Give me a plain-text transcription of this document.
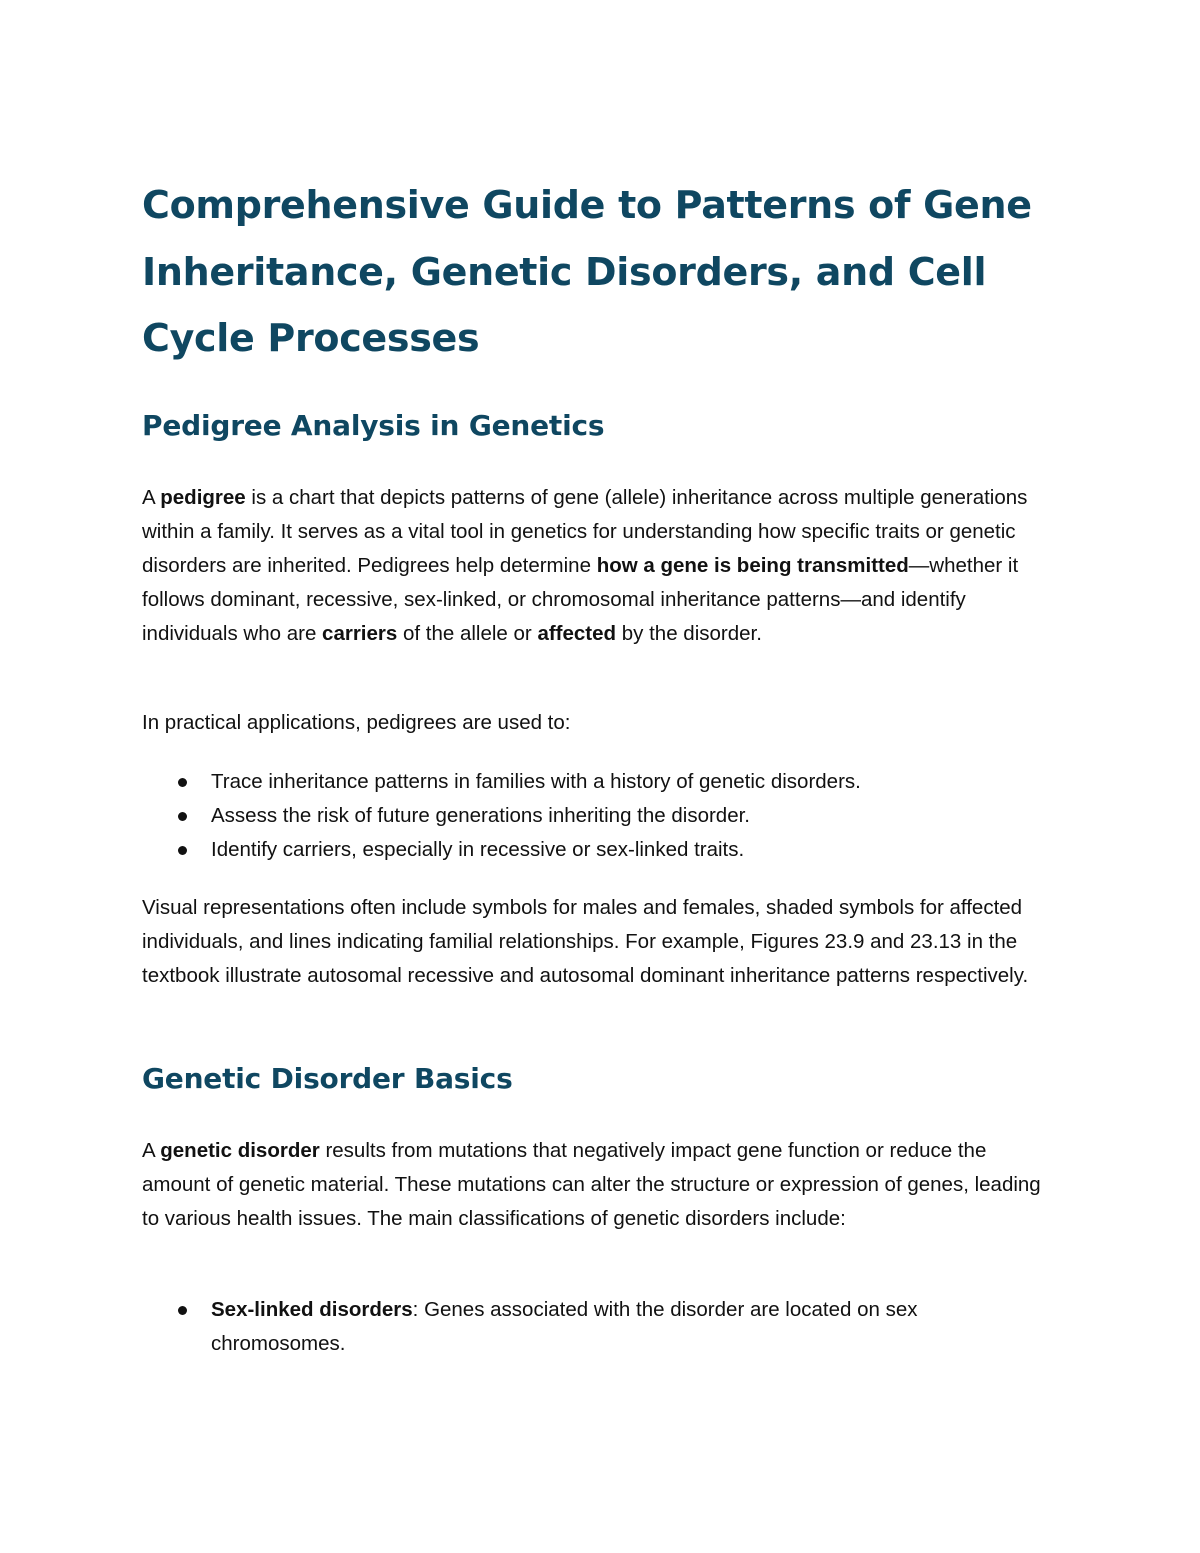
Comprehensive Guide to Patterns of Gene Inheritance, Genetic Disorders, and Cell Cycle Processes
Pedigree Analysis in Genetics

A pedigree is a chart that depicts patterns of gene (allele) inheritance across multiple generations within a family. It serves as a vital tool in genetics for understanding how specific traits or genetic disorders are inherited. Pedigrees help determine how a gene is being transmitted—whether it follows dominant, recessive, sex-linked, or chromosomal inheritance patterns—and identify individuals who are carriers of the allele or affected by the disorder.

In practical applications, pedigrees are used to:

Trace inheritance patterns in families with a history of genetic disorders.
Assess the risk of future generations inheriting the disorder.
Identify carriers, especially in recessive or sex-linked traits.

Visual representations often include symbols for males and females, shaded symbols for affected individuals, and lines indicating familial relationships. For example, Figures 23.9 and 23.13 in the textbook illustrate autosomal recessive and autosomal dominant inheritance patterns respectively.

Genetic Disorder Basics

A genetic disorder results from mutations that negatively impact gene function or reduce the amount of genetic material. These mutations can alter the structure or expression of genes, leading to various health issues. The main classifications of genetic disorders include:

Sex-linked disorders: Genes associated with the disorder are located on sex chromosomes.
